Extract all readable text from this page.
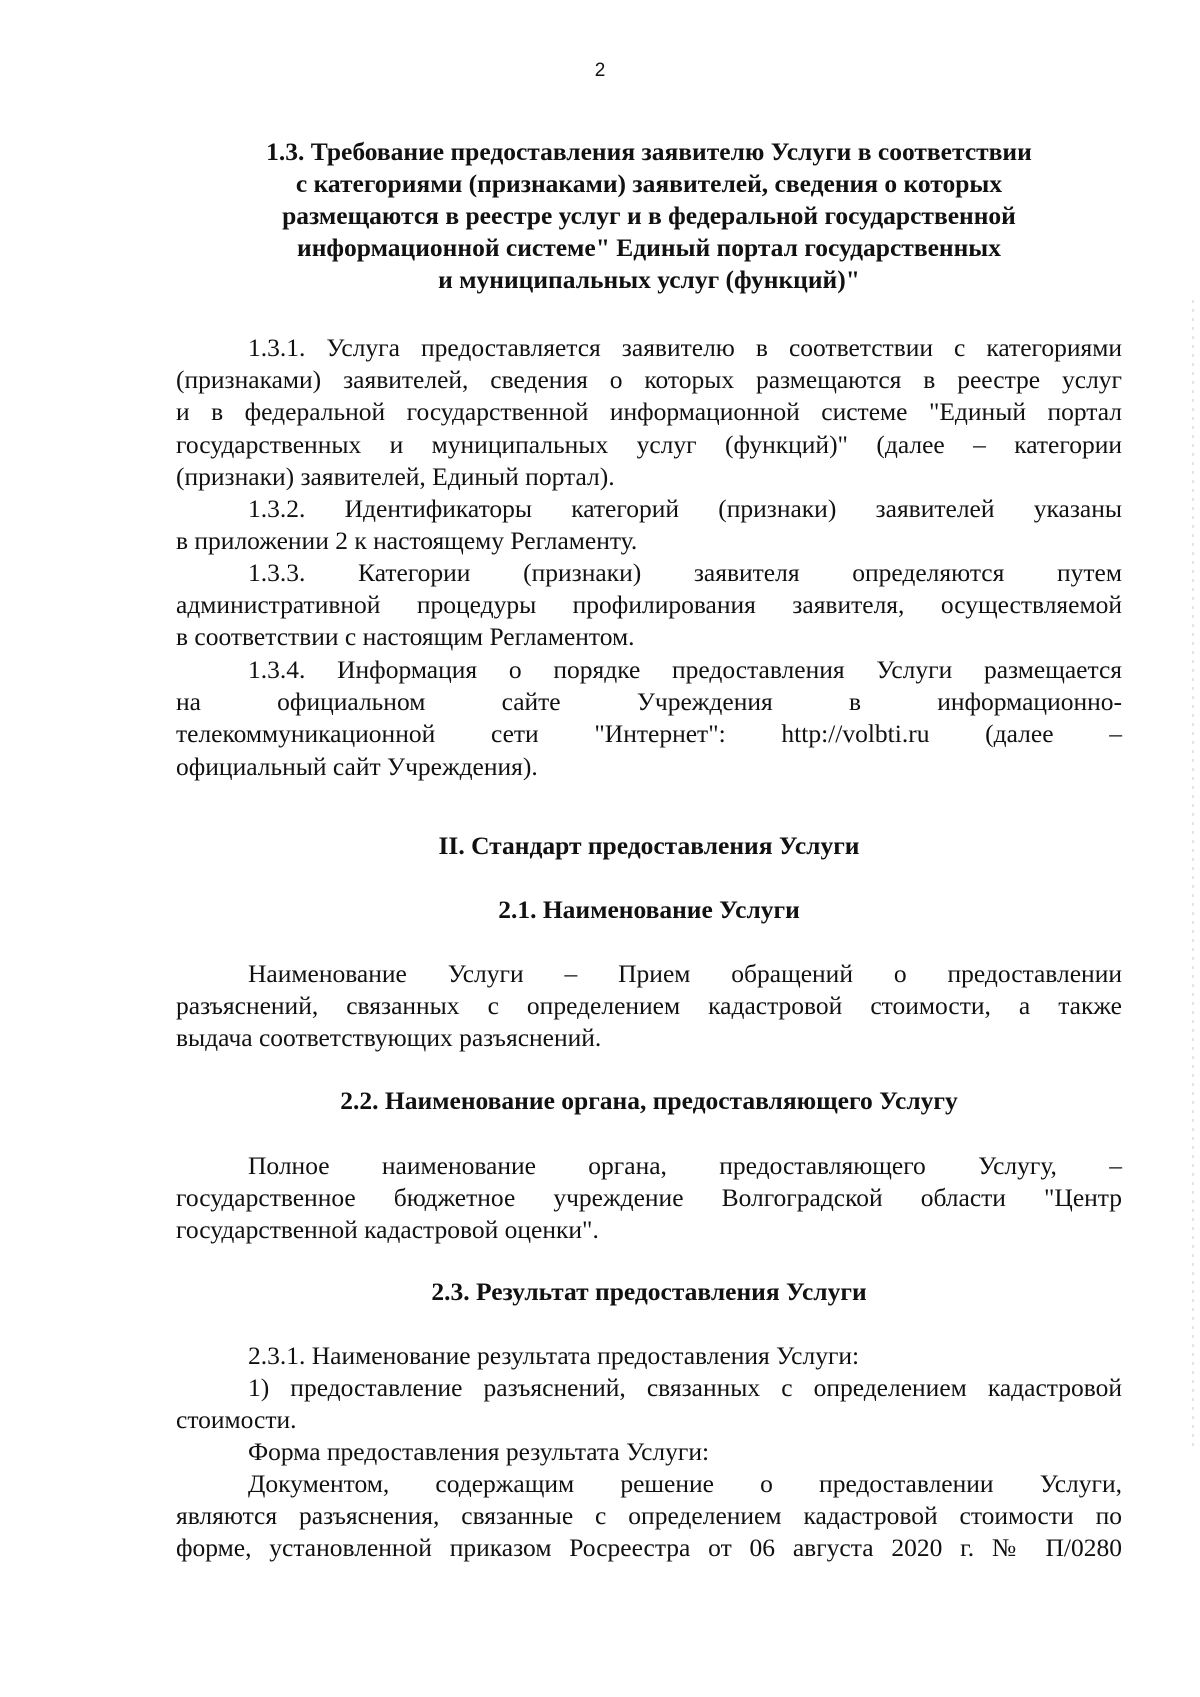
2
1.3. Требование предоставления заявителю Услуги в соответствии
с категориями (признаками) заявителей, сведения о которых
размещаются в реестре услуг и в федеральной государственной
информационной системе" Единый портал государственных
и муниципальных услуг (функций)"
1.3.1. Услуга предоставляется заявителю в соответствии с категориями
(признаками) заявителей, сведения о которых размещаются в реестре услуг
и в федеральной государственной информационной системе "Единый портал
государственных и муниципальных услуг (функций)" (далее – категории
(признаки) заявителей, Единый портал).
1.3.2. Идентификаторы категорий (признаки) заявителей указаны
в приложении 2 к настоящему Регламенту.
1.3.3. Категории (признаки) заявителя определяются путем
административной процедуры профилирования заявителя, осуществляемой
в соответствии с настоящим Регламентом.
1.3.4. Информация о порядке предоставления Услуги размещается
на официальном сайте Учреждения в информационно-
телекоммуникационной сети "Интернет": http://volbti.ru (далее –
официальный сайт Учреждения).
II. Стандарт предоставления Услуги
2.1. Наименование Услуги
Наименование Услуги – Прием обращений о предоставлении
разъяснений, связанных с определением кадастровой стоимости, а также
выдача соответствующих разъяснений.
2.2. Наименование органа, предоставляющего Услугу
Полное наименование органа, предоставляющего Услугу, –
государственное бюджетное учреждение Волгоградской области "Центр
государственной кадастровой оценки".
2.3. Результат предоставления Услуги
2.3.1. Наименование результата предоставления Услуги:
1) предоставление разъяснений, связанных с определением кадастровой
стоимости.
Форма предоставления результата Услуги:
Документом, содержащим решение о предоставлении Услуги,
являются разъяснения, связанные с определением кадастровой стоимости по
форме, установленной приказом Росреестра от 06 августа 2020 г. № П/0280
